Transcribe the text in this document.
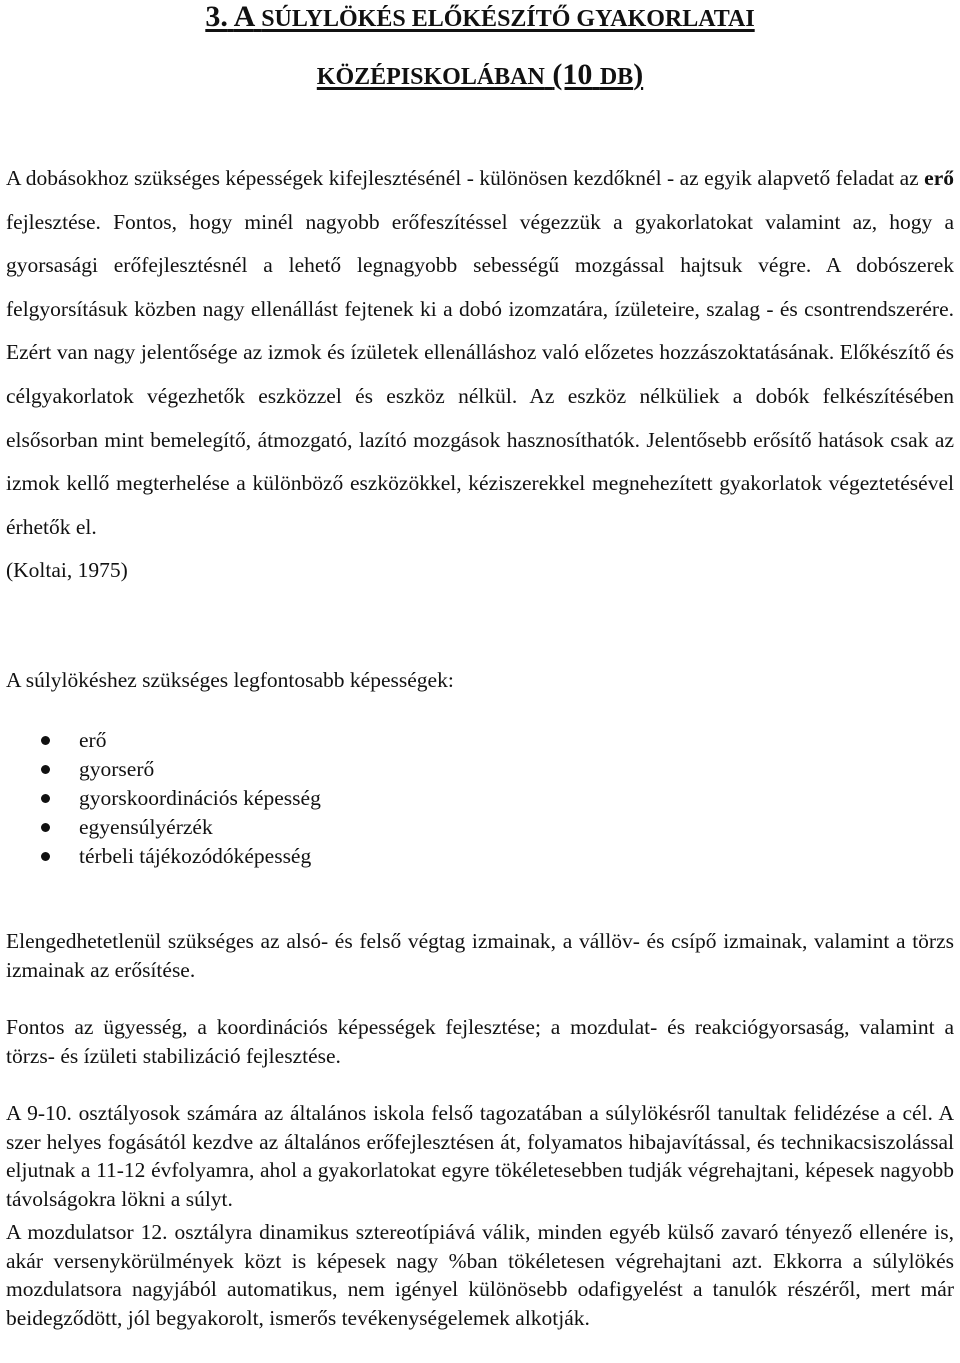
3. A SÚLYLÖKÉS ELŐKÉSZÍTŐ GYAKORLATAI
KÖZÉPISKOLÁBAN (10 DB)

A dobásokhoz szükséges képességek kifejlesztésénél - különösen kezdőknél - az egyik alapvető feladat az erő fejlesztése. Fontos, hogy minél nagyobb erőfeszítéssel végezzük a gyakorlatokat valamint az, hogy a gyorsasági erőfejlesztésnél a lehető legnagyobb sebességű mozgással hajtsuk végre. A dobószerek felgyorsításuk közben nagy ellenállást fejtenek ki a dobó izomzatára, ízületeire, szalag - és csontrendszerére. Ezért van nagy jelentősége az izmok és ízületek ellenálláshoz való előzetes hozzászoktatásának. Előkészítő és célgyakorlatok végezhetők eszközzel és eszköz nélkül. Az eszköz nélküliek a dobók felkészítésében elsősorban mint bemelegítő, átmozgató, lazító mozgások hasznosíthatók. Jelentősebb erősítő hatások csak az izmok kellő megterhelése a különböző eszközökkel, kéziszerekkel megnehezített gyakorlatok végeztetésével érhetők el.
(Koltai, 1975)

A súlylökéshez szükséges legfontosabb képességek:

erő
gyorserő
gyorskoordinációs képesség
egyensúlyérzék
térbeli tájékozódóképesség

Elengedhetetlenül szükséges az alsó- és felső végtag izmainak, a vállöv- és csípő izmainak, valamint a törzs izmainak az erősítése.

Fontos az ügyesség, a koordinációs képességek fejlesztése; a mozdulat- és reakciógyorsaság, valamint a törzs- és ízületi stabilizáció fejlesztése.

A 9-10. osztályosok számára az általános iskola felső tagozatában a súlylökésről tanultak felidézése a cél. A szer helyes fogásától kezdve az általános erőfejlesztésen át, folyamatos hibajavítással, és technikacsiszolással eljutnak a 11-12 évfolyamra, ahol a gyakorlatokat egyre tökéletesebben tudják végrehajtani, képesek nagyobb távolságokra lökni a súlyt.

A mozdulatsor 12. osztályra dinamikus sztereotípiává válik, minden egyéb külső zavaró tényező ellenére is, akár versenykörülmények közt is képesek nagy %ban tökéletesen végrehajtani azt. Ekkorra a súlylökés mozdulatsora nagyjából automatikus, nem igényel különösebb odafigyelést a tanulók részéről, mert már beidegződött, jól begyakorolt, ismerős tevékenységelemek alkotják.
